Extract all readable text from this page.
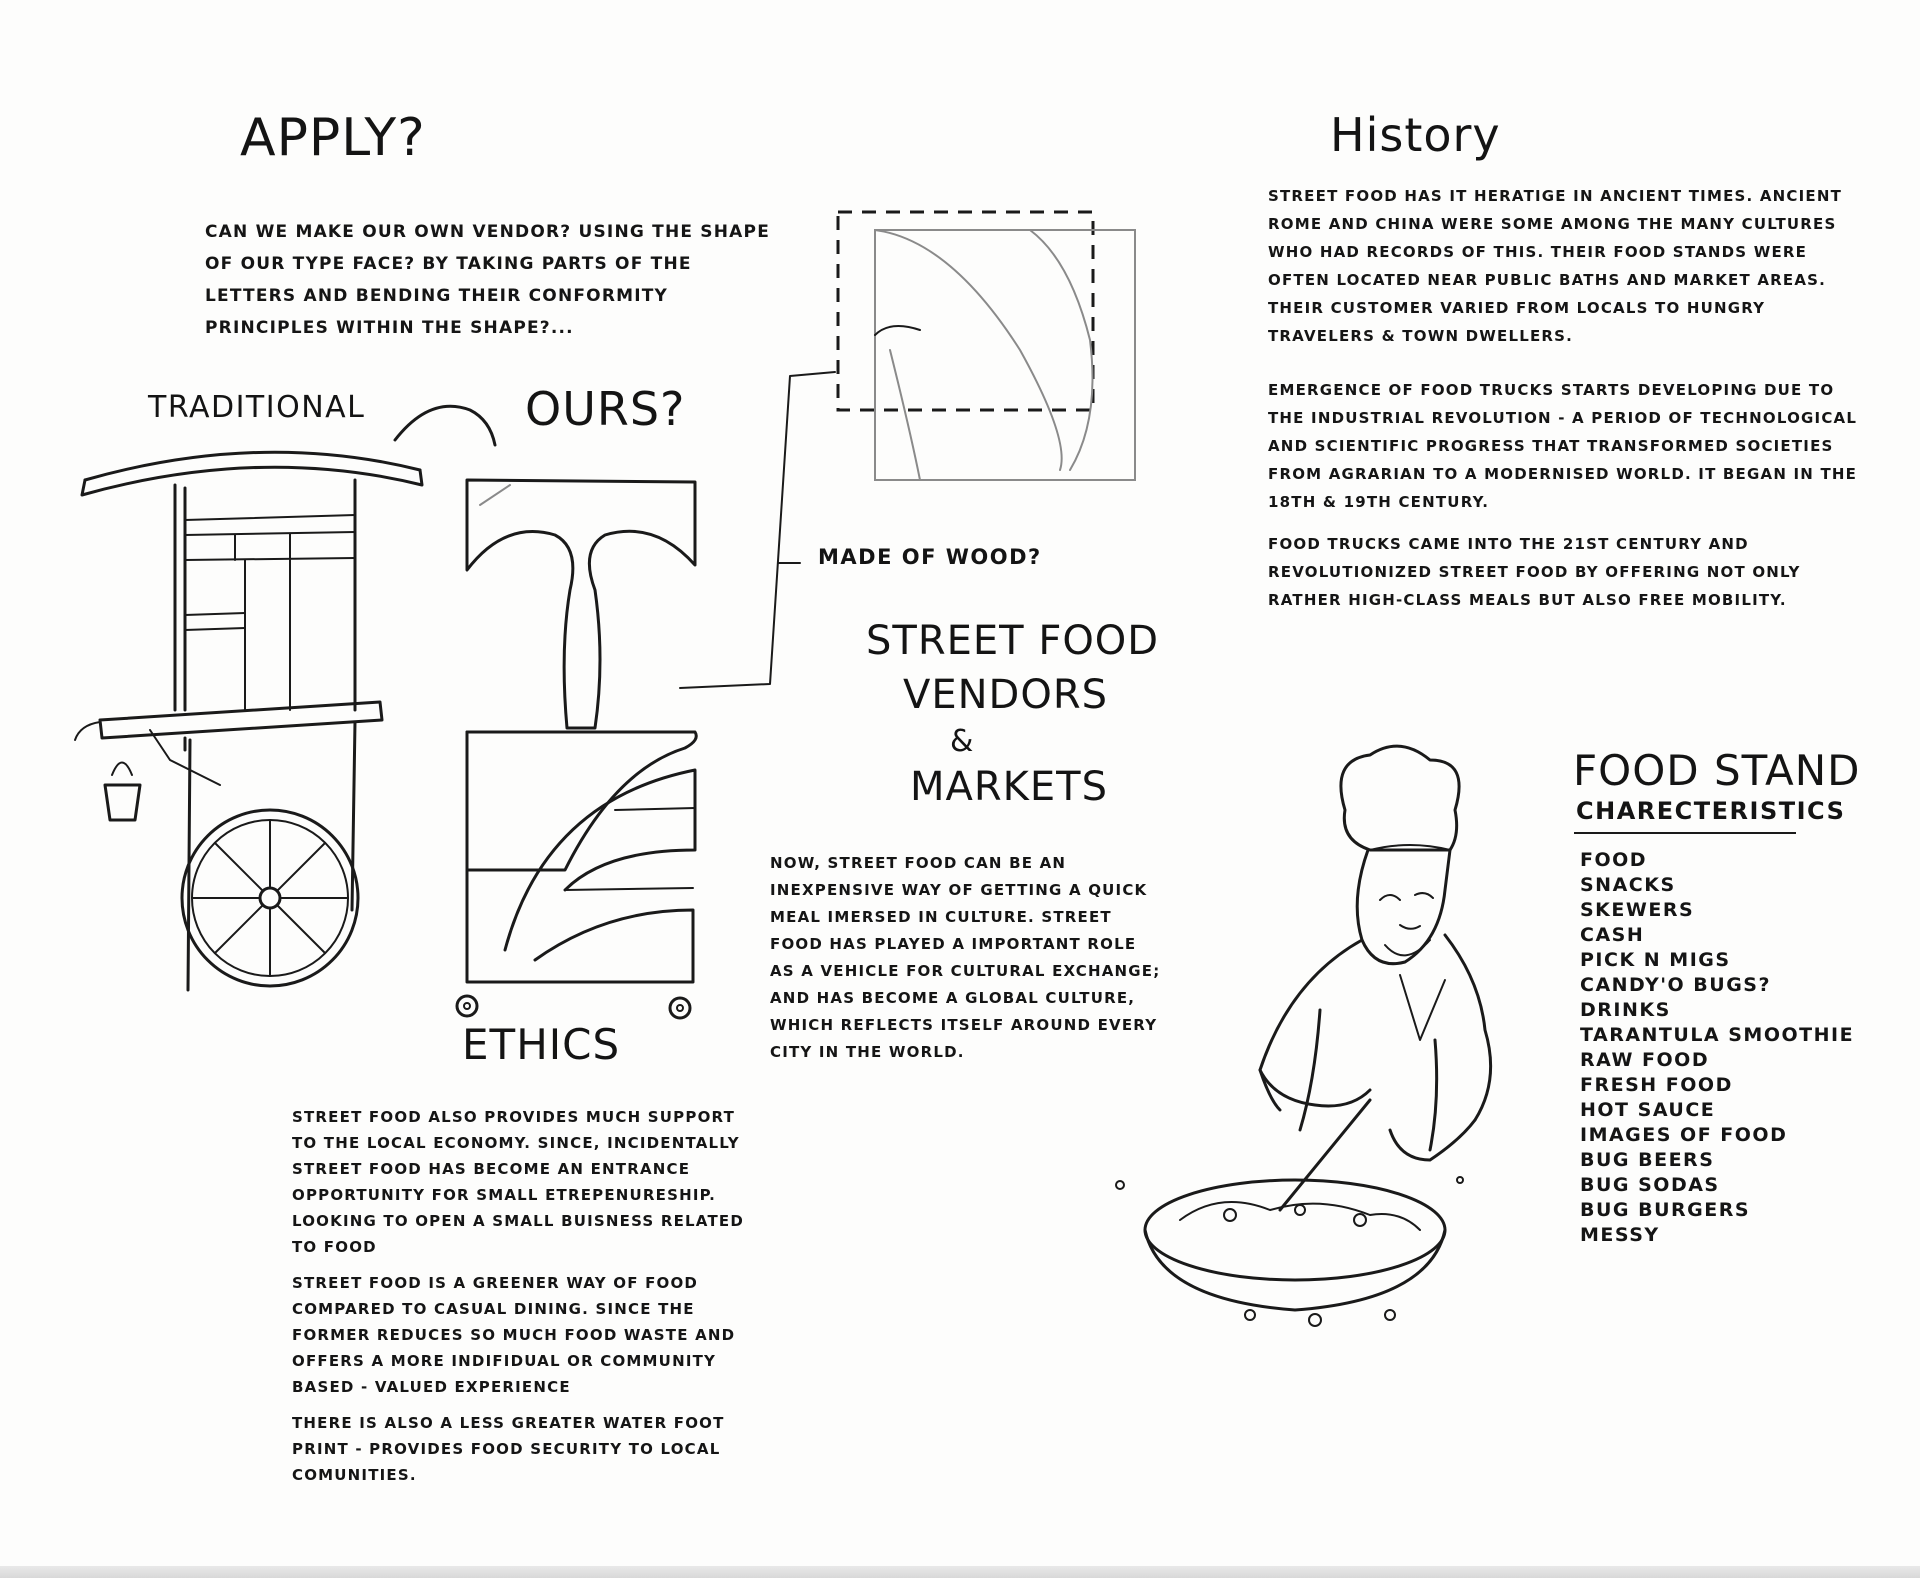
APPLY?

CAN WE MAKE OUR OWN VENDOR? USING THE SHAPE OF OUR TYPE FACE? BY TAKING PARTS OF THE LETTERS AND BENDING THEIR CONFORMITY PRINCIPLES WITHIN THE SHAPE?...

TRADITIONAL	OURS?
MADE OF WOOD?
STREET FOOD
VENDORS
&
MARKETS

NOW, STREET FOOD CAN BE AN INEXPENSIVE WAY OF GETTING A QUICK MEAL IMERSED IN CULTURE. STREET FOOD HAS PLAYED A IMPORTANT ROLE AS A VEHICLE FOR CULTURAL EXCHANGE; AND HAS BECOME A GLOBAL CULTURE, WHICH REFLECTS ITSELF AROUND EVERY CITY IN THE WORLD.

History

STREET FOOD HAS IT HERATIGE IN ANCIENT TIMES. ANCIENT ROME AND CHINA WERE SOME AMONG THE MANY CULTURES WHO HAD RECORDS OF THIS. THEIR FOOD STANDS WERE OFTEN LOCATED NEAR PUBLIC BATHS AND MARKET AREAS. THEIR CUSTOMER VARIED FROM LOCALS TO HUNGRY TRAVELERS & TOWN DWELLERS.

EMERGENCE OF FOOD TRUCKS STARTS DEVELOPING DUE TO THE INDUSTRIAL REVOLUTION - A PERIOD OF TECHNOLOGICAL AND SCIENTIFIC PROGRESS THAT TRANSFORMED SOCIETIES FROM AGRARIAN TO A MODERNISED WORLD. IT BEGAN IN THE 18TH & 19TH CENTURY.

FOOD TRUCKS CAME INTO THE 21ST CENTURY AND REVOLUTIONIZED STREET FOOD BY OFFERING NOT ONLY RATHER HIGH-CLASS MEALS BUT ALSO FREE MOBILITY.

FOOD STAND
CHARECTERISTICS
FOOD
SNACKS
SKEWERS
CASH
PICK N MIGS
CANDY'O BUGS?
DRINKS
TARANTULA SMOOTHIE
RAW FOOD
FRESH FOOD
HOT SAUCE
IMAGES OF FOOD
BUG BEERS
BUG SODAS
BUG BURGERS
MESSY
ETHICS

STREET FOOD ALSO PROVIDES MUCH SUPPORT TO THE LOCAL ECONOMY. SINCE, INCIDENTALLY STREET FOOD HAS BECOME AN ENTRANCE OPPORTUNITY FOR SMALL ETREPENURESHIP. LOOKING TO OPEN A SMALL BUISNESS RELATED TO FOOD

STREET FOOD IS A GREENER WAY OF FOOD COMPARED TO CASUAL DINING. SINCE THE FORMER REDUCES SO MUCH FOOD WASTE AND OFFERS A MORE INDIFIDUAL OR COMMUNITY BASED - VALUED EXPERIENCE

THERE IS ALSO A LESS GREATER WATER FOOT PRINT - PROVIDES FOOD SECURITY TO LOCAL COMUNITIES.
